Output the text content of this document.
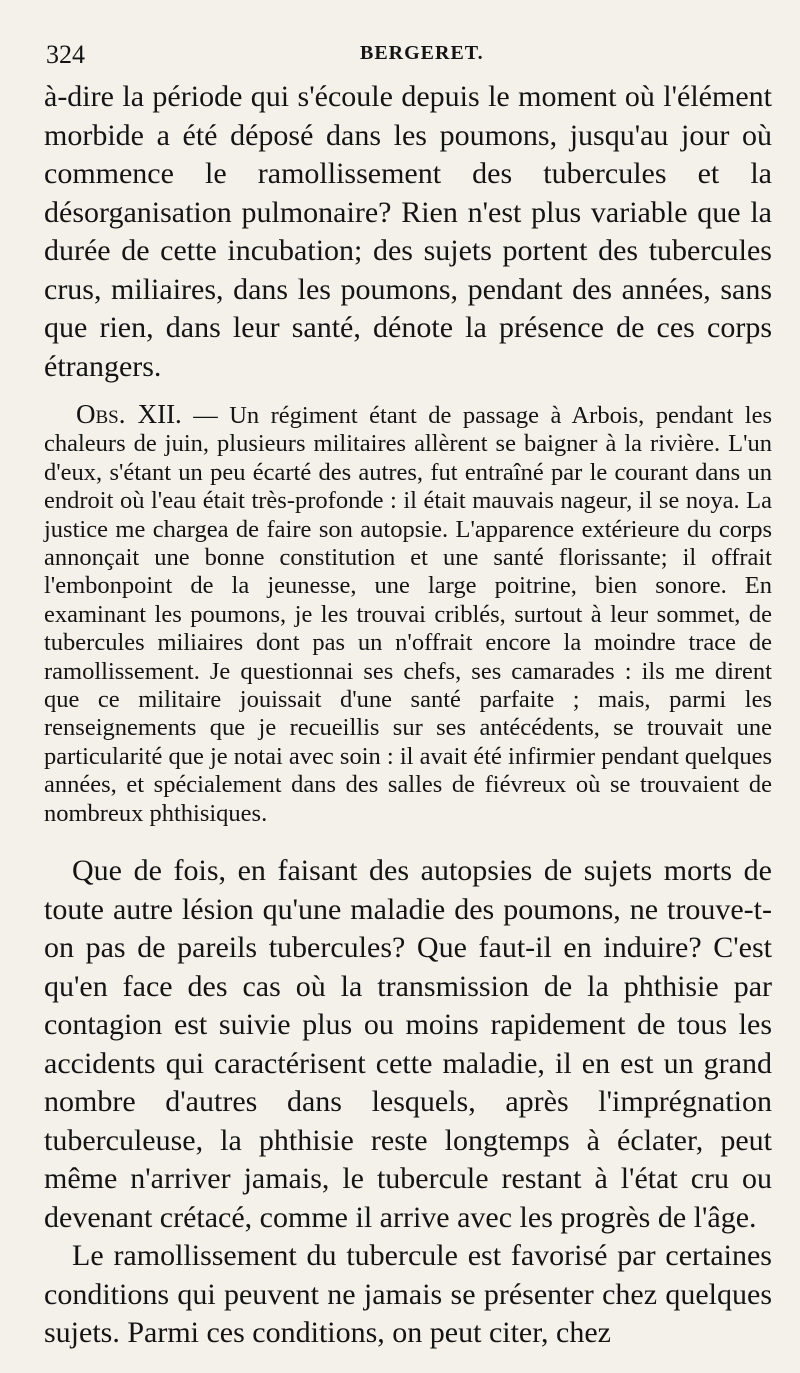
324	BERGERET.

à-dire la période qui s'écoule depuis le moment où l'élément morbide a été déposé dans les poumons, jusqu'au jour où commence le ramollissement des tubercules et la désorganisation pulmonaire? Rien n'est plus variable que la durée de cette incubation; des sujets portent des tubercules crus, miliaires, dans les poumons, pendant des années, sans que rien, dans leur santé, dénote la présence de ces corps étrangers.

Obs. XII. — Un régiment étant de passage à Arbois, pendant les chaleurs de juin, plusieurs militaires allèrent se baigner à la rivière. L'un d'eux, s'étant un peu écarté des autres, fut entraîné par le courant dans un endroit où l'eau était très-profonde : il était mauvais nageur, il se noya. La justice me chargea de faire son autopsie. L'apparence extérieure du corps annonçait une bonne constitution et une santé florissante; il offrait l'embonpoint de la jeunesse, une large poitrine, bien sonore. En examinant les poumons, je les trouvai criblés, surtout à leur sommet, de tubercules miliaires dont pas un n'offrait encore la moindre trace de ramollissement. Je questionnai ses chefs, ses camarades : ils me dirent que ce militaire jouissait d'une santé parfaite ; mais, parmi les renseignements que je recueillis sur ses antécédents, se trouvait une particularité que je notai avec soin : il avait été infirmier pendant quelques années, et spécialement dans des salles de fiévreux où se trouvaient de nombreux phthisiques.

Que de fois, en faisant des autopsies de sujets morts de toute autre lésion qu'une maladie des poumons, ne trouve-t-on pas de pareils tubercules? Que faut-il en induire? C'est qu'en face des cas où la transmission de la phthisie par contagion est suivie plus ou moins rapidement de tous les accidents qui caractérisent cette maladie, il en est un grand nombre d'autres dans lesquels, après l'imprégnation tuberculeuse, la phthisie reste longtemps à éclater, peut même n'arriver jamais, le tubercule restant à l'état cru ou devenant crétacé, comme il arrive avec les progrès de l'âge.

Le ramollissement du tubercule est favorisé par certaines conditions qui peuvent ne jamais se présenter chez quelques sujets. Parmi ces conditions, on peut citer, chez
